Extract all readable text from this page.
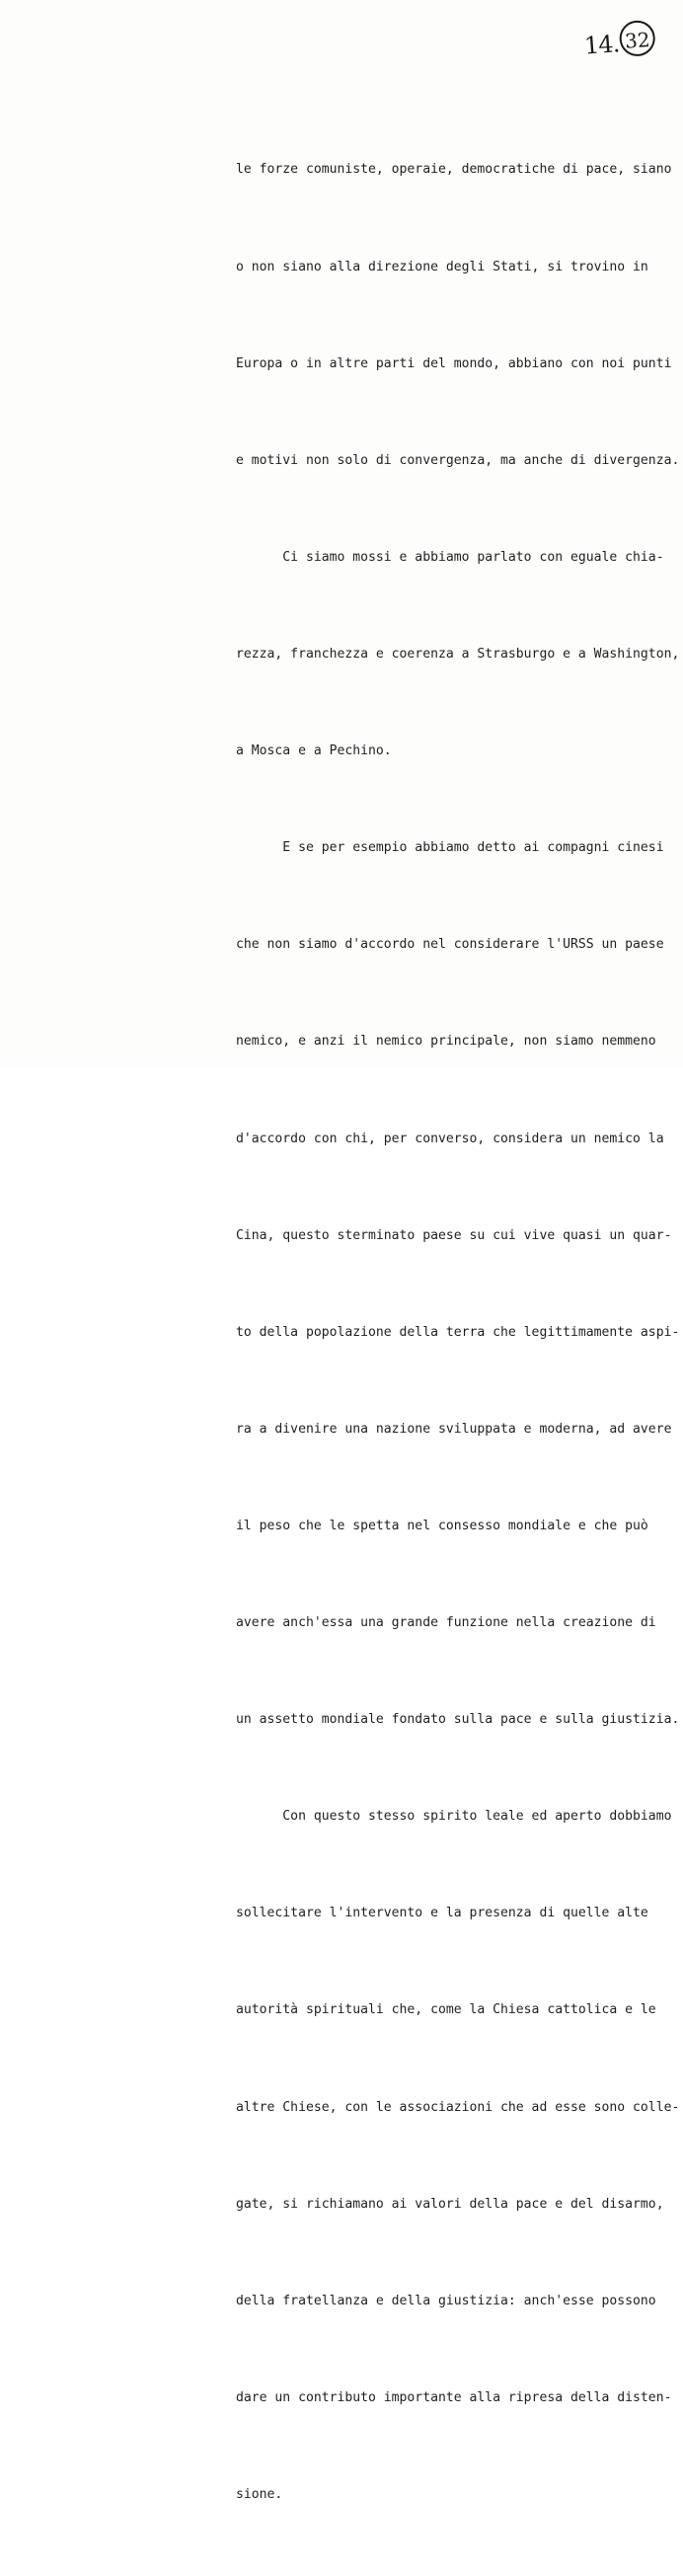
14. 32

le forze comuniste, operaie, democratiche di pace, siano

o non siano alla direzione degli Stati, si trovino in

Europa o in altre parti del mondo, abbiano con noi punti

e motivi non solo di convergenza, ma anche di divergenza.

Ci siamo mossi e abbiamo parlato con eguale chia-

rezza, franchezza e coerenza a Strasburgo e a Washington,

a Mosca e a Pechino.

E se per esempio abbiamo detto ai compagni cinesi

che non siamo d'accordo nel considerare l'URSS un paese

nemico, e anzi il nemico principale, non siamo nemmeno

d'accordo con chi, per converso, considera un nemico la

Cina, questo sterminato paese su cui vive quasi un quar-

to della popolazione della terra che legittimamente aspi-

ra a divenire una nazione sviluppata e moderna, ad avere

il peso che le spetta nel consesso mondiale e che può

avere anch'essa una grande funzione nella creazione di

un assetto mondiale fondato sulla pace e sulla giustizia.

Con questo stesso spirito leale ed aperto dobbiamo

sollecitare l'intervento e la presenza di quelle alte

autorità spirituali che, come la Chiesa cattolica e le

altre Chiese, con le associazioni che ad esse sono colle-

gate, si richiamano ai valori della pace e del disarmo,

della fratellanza e della giustizia: anch'esse possono

dare un contributo importante alla ripresa della disten-

sione.
